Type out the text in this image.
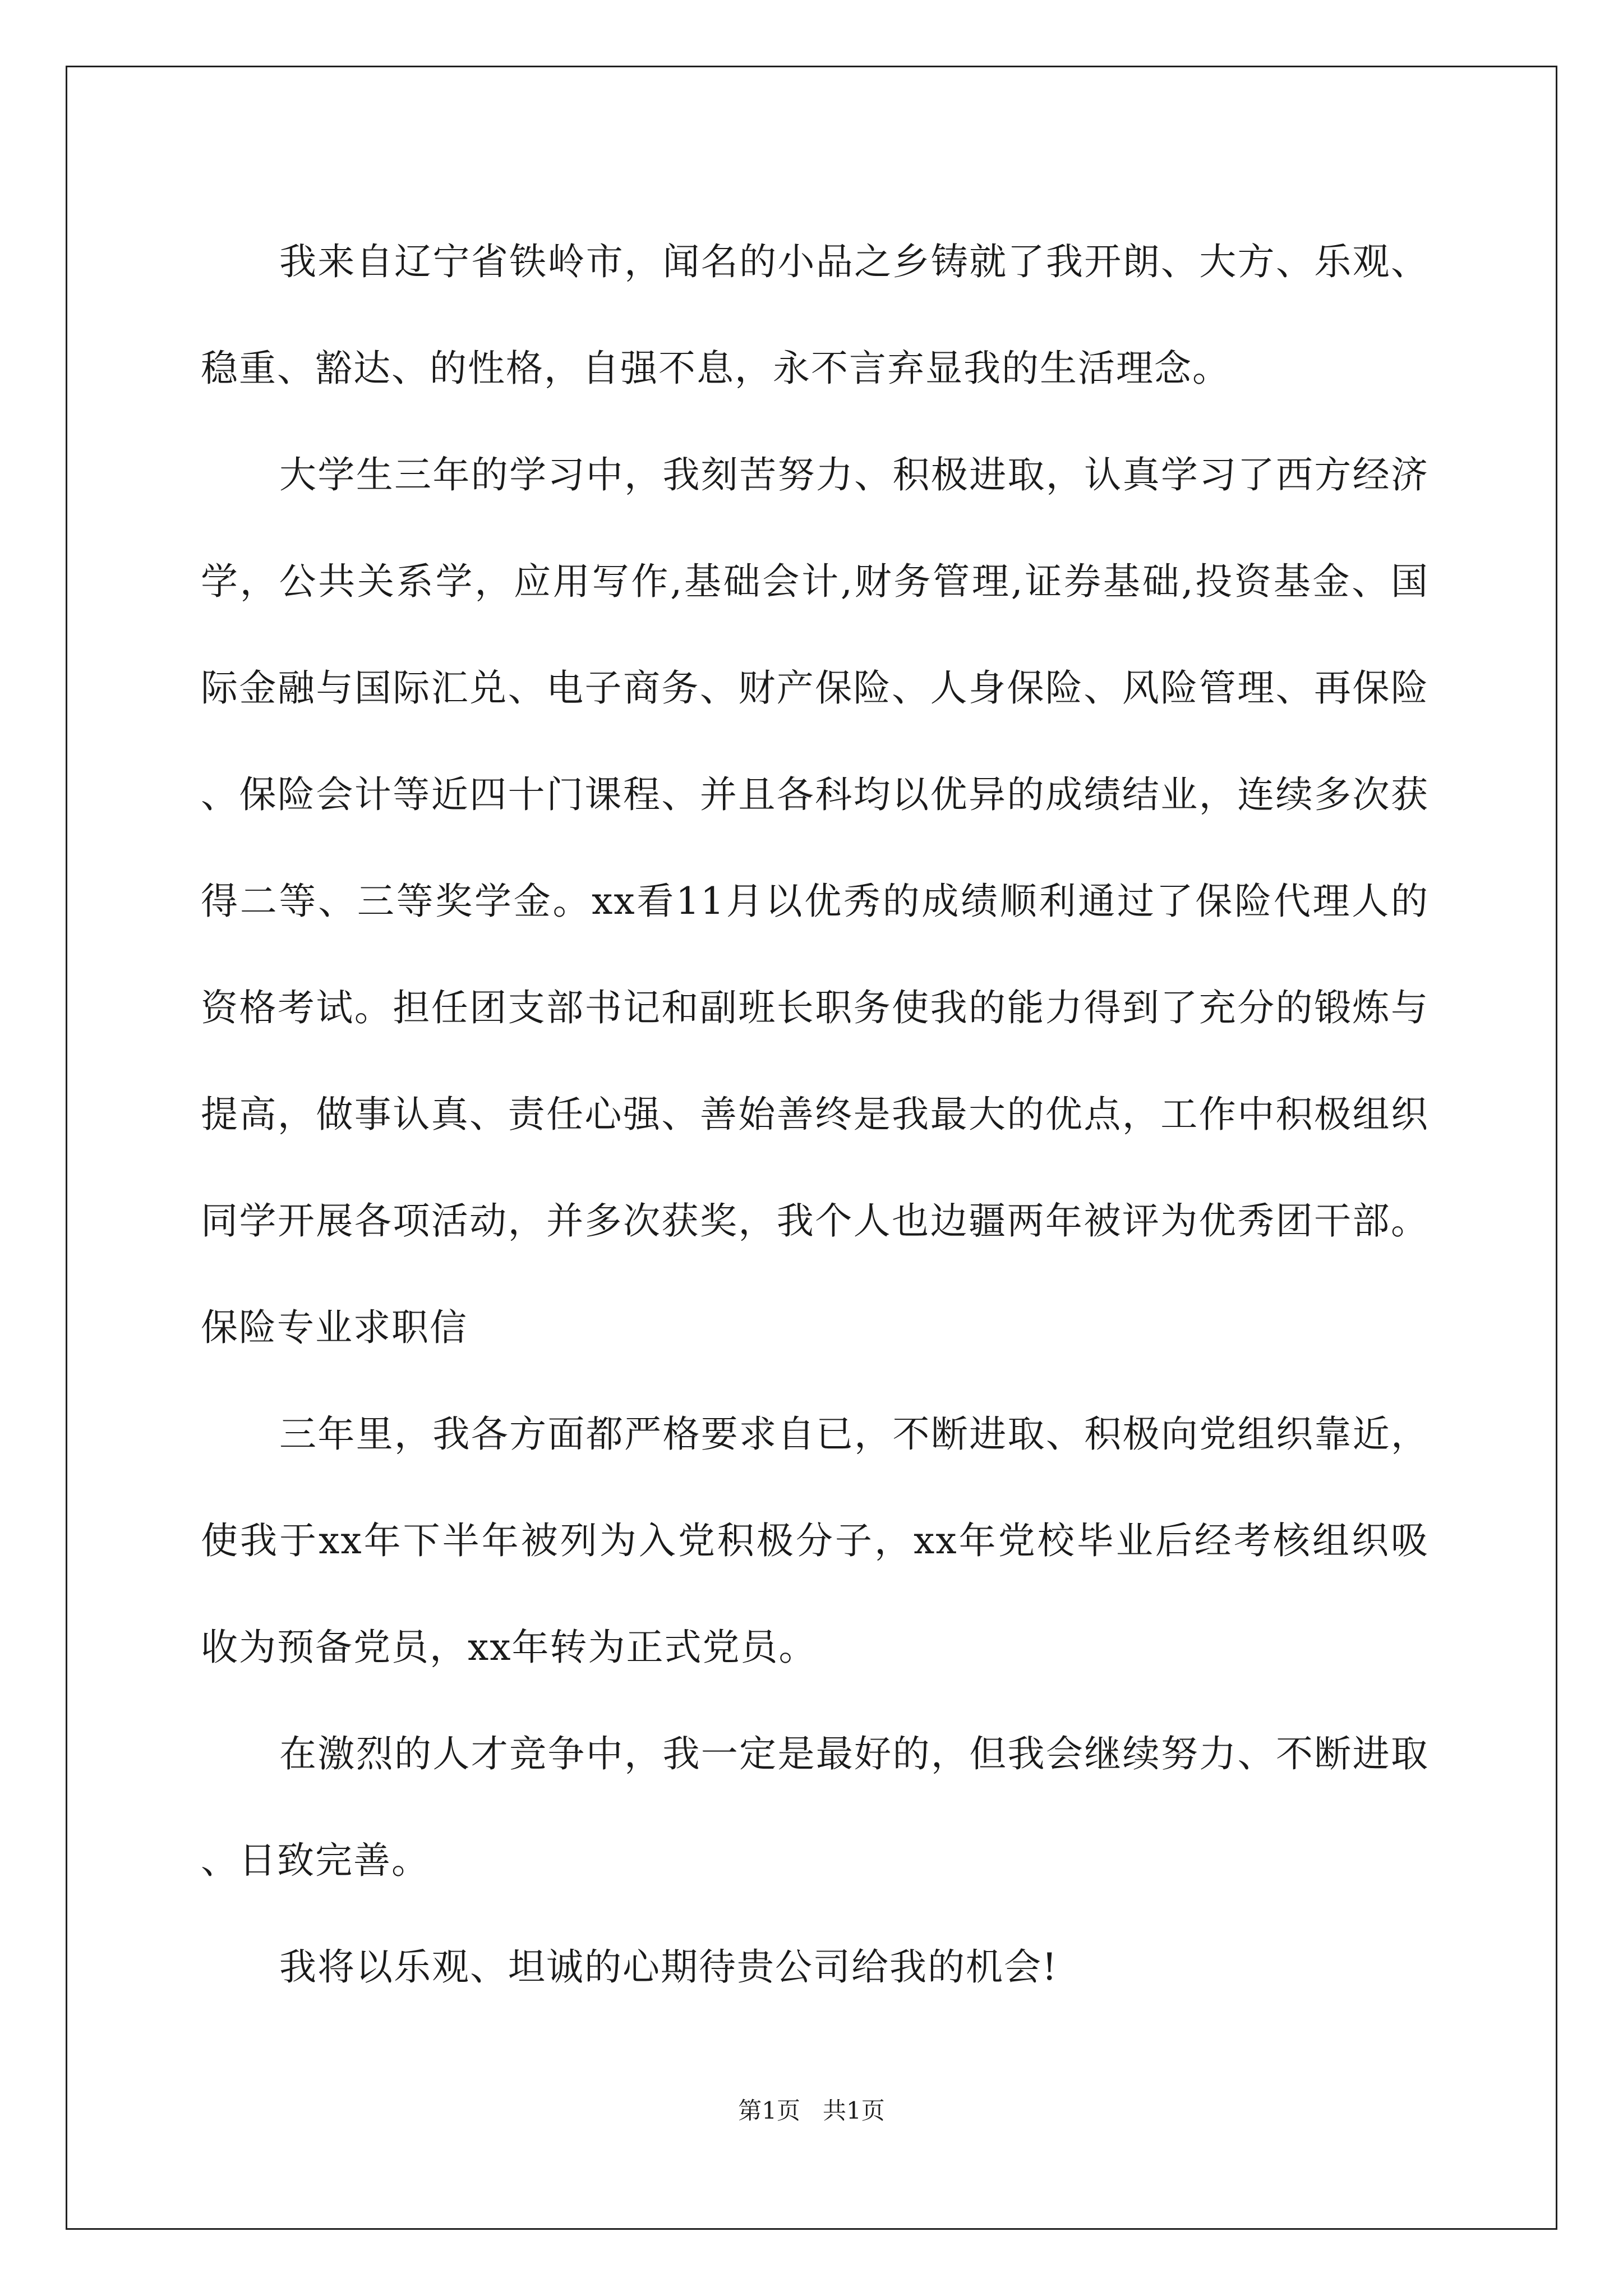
我来自辽宁省铁岭市，闻名的小品之乡铸就了我开朗、大方、乐观、稳重、豁达、的性格，自强不息，永不言弃显我的生活理念。

大学生三年的学习中，我刻苦努力、积极进取，认真学习了西方经济学，公共关系学，应用写作,基础会计,财务管理,证券基础,投资基金、国际金融与国际汇兑、电子商务、财产保险、人身保险、风险管理、再保险、保险会计等近四十门课程、并且各科均以优异的成绩结业，连续多次获得二等、三等奖学金。xx看11月以优秀的成绩顺利通过了保险代理人的资格考试。担任团支部书记和副班长职务使我的能力得到了充分的锻炼与提高，做事认真、责任心强、善始善终是我最大的优点，工作中积极组织同学开展各项活动，并多次获奖，我个人也边疆两年被评为优秀团干部。保险专业求职信

三年里，我各方面都严格要求自已，不断进取、积极向党组织靠近，使我于xx年下半年被列为入党积极分子，xx年党校毕业后经考核组织吸收为预备党员，xx年转为正式党员。

在激烈的人才竞争中，我一定是最好的，但我会继续努力、不断进取、日致完善。

我将以乐观、坦诚的心期待贵公司给我的机会!

第1页 共1页
